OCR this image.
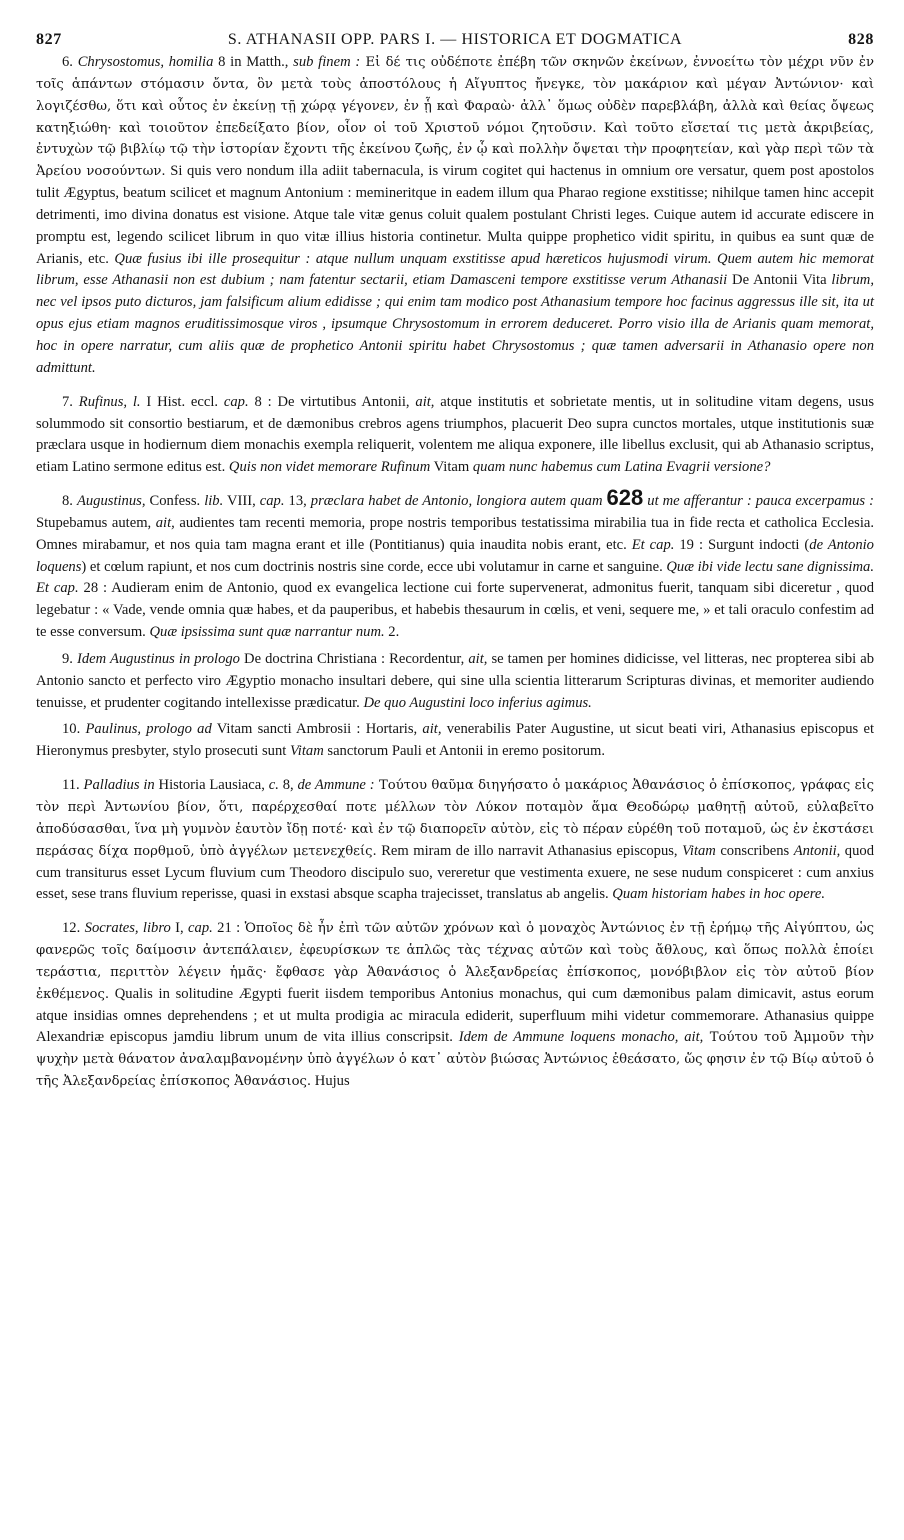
827	S. ATHANASII OPP. PARS I. — HISTORICA ET DOGMATICA	828

6. Chrysostomus, homilia 8 in Matth., sub finem : Εἰ δέ τις οὐδέποτε ἐπέβη τῶν σκηνῶν ἐκείνων, ἐννοείτω τὸν μέχρι νῦν ἐν τοῖς ἁπάντων στόμασιν ὄντα, ὃν μετὰ τοὺς ἀποστόλους ἡ Αἴγυπτος ἤνεγκε, τὸν μακάριον καὶ μέγαν Ἀντώνιον· καὶ λογιζέσθω, ὅτι καὶ οὗτος ἐν ἐκείνῃ τῇ χώρᾳ γέγονεν, ἐν ᾗ καὶ Φαραὼ· ἀλλ᾽ ὅμως οὐδὲν παρεβλάβη, ἀλλὰ καὶ θείας ὄψεως κατηξιώθη· καὶ τοιοῦτον ἐπεδείξατο βίον, οἷον οἱ τοῦ Χριστοῦ νόμοι ζητοῦσιν. Καὶ τοῦτο εἴσεταί τις μετὰ ἀκριβείας, ἐντυχὼν τῷ βιβλίῳ τῷ τὴν ἱστορίαν ἔχοντι τῆς ἐκείνου ζωῆς, ἐν ᾧ καὶ πολλὴν ὄψεται τὴν προφητείαν, καὶ γὰρ περὶ τῶν τὰ Ἀρείου νοσούντων. Si quis vero nondum illa adiit tabernacula, is virum cogitet qui hactenus in omnium ore versatur, quem post apostolos tulit Ægyptus, beatum scilicet et magnum Antonium : memineritque in eadem illum qua Pharao regione exstitisse; nihilque tamen hinc accepit detrimenti, imo divina donatus est visione. Atque tale vitæ genus coluit qualem postulant Christi leges. Cuique autem id accurate ediscere in promptu est, legendo scilicet librum in quo vitæ illius historia continetur. Multa quippe prophetico vidit spiritu, in quibus ea sunt quæ de Arianis, etc. Quæ fusius ibi ille prosequitur : atque nullum unquam exstitisse apud hæreticos hujusmodi virum. Quem autem hic memorat librum, esse Athanasii non est dubium ; nam fatentur sectarii, etiam Damasceni tempore exstitisse verum Athanasii De Antonii Vita librum, nec vel ipsos puto dicturos, jam falsificum alium edidisse ; qui enim tam modico post Athanasium tempore hoc facinus aggressus ille sit, ita ut opus ejus etiam magnos eruditissimosque viros , ipsumque Chrysostomum in errorem deduceret. Porro visio illa de Arianis quam memorat, hoc in opere narratur, cum aliis quæ de prophetico Antonii spiritu habet Chrysostomus ; quæ tamen adversarii in Athanasio opere non admittunt.

7. Rufinus, l. I Hist. eccl. cap. 8 : De virtutibus Antonii, ait, atque institutis et sobrietate mentis, ut in solitudine vitam degens, usus solummodo sit consortio bestiarum, et de dæmonibus crebros agens triumphos, placuerit Deo supra cunctos mortales, utque institutionis suæ præclara usque in hodiernum diem monachis exempla reliquerit, volentem me aliqua exponere, ille libellus exclusit, qui ab Athanasio scriptus, etiam Latino sermone editus est. Quis non videt memorare Rufinum Vitam quam nunc habemus cum Latina Evagrii versione?

8. Augustinus, Confess. lib. VIII, cap. 13, præclara habet de Antonio, longiora autem quam 628 ut me afferantur : pauca excerpamus : Stupebamus autem, ait, audientes tam recenti memoria, prope nostris temporibus testatissima mirabilia tua in fide recta et catholica Ecclesia. Omnes mirabamur, et nos quia tam magna erant et ille (Pontitianus) quia inaudita nobis erant, etc. Et cap. 19 : Surgunt indocti (de Antonio loquens) et cœlum rapiunt, et nos cum doctrinis nostris sine corde, ecce ubi volutamur in carne et sanguine. Quæ ibi vide lectu sane dignissima. Et cap. 28 : Audieram enim de Antonio, quod ex evangelica lectione cui forte supervenerat, admonitus fuerit, tanquam sibi diceretur , quod legebatur : « Vade, vende omnia quæ habes, et da pauperibus, et habebis thesaurum in cœlis, et veni, sequere me, » et tali oraculo confestim ad te esse conversum. Quæ ipsissima sunt quæ narrantur num. 2.

9. Idem Augustinus in prologo De doctrina Christiana : Recordentur, ait, se tamen per homines didicisse, vel litteras, nec propterea sibi ab Antonio sancto et perfecto viro Ægyptio monacho insultari debere, qui sine ulla scientia litterarum Scripturas divinas, et memoriter audiendo tenuisse, et prudenter cogitando intellexisse prædicatur. De quo Augustini loco inferius agimus.

10. Paulinus, prologo ad Vitam sancti Ambrosii : Hortaris, ait, venerabilis Pater Augustine, ut sicut beati viri, Athanasius episcopus et Hieronymus presbyter, stylo prosecuti sunt Vitam sanctorum Pauli et Antonii in eremo positorum.

11. Palladius in Historia Lausiaca, c. 8, de Ammune : Τούτου θαῦμα διηγήσατο ὁ μακάριος Ἀθανάσιος ὁ ἐπίσκοπος, γράφας εἰς τὸν περὶ Ἀντωνίου βίον, ὅτι, παρέρχεσθαί ποτε μέλλων τὸν Λύκον ποταμὸν ἅμα Θεοδώρῳ μαθητῇ αὐτοῦ, εὐλαβεῖτο ἀποδύσασθαι, ἵνα μὴ γυμνὸν ἑαυτὸν ἴδῃ ποτέ· καὶ ἐν τῷ διαπορεῖν αὐτὸν, εἰς τὸ πέραν εὑρέθη τοῦ ποταμοῦ, ὡς ἐν ἐκστάσει περάσας δίχα πορθμοῦ, ὑπὸ ἀγγέλων μετενεχθείς. Rem miram de illo narravit Athanasius episcopus, Vitam conscribens Antonii, quod cum transiturus esset Lycum fluvium cum Theodoro discipulo suo, vereretur que vestimenta exuere, ne sese nudum conspiceret : cum anxius esset, sese trans fluvium reperisse, quasi in exstasi absque scapha trajecisset, translatus ab angelis. Quam historiam habes in hoc opere.

12. Socrates, libro I, cap. 21 : Ὁποῖος δὲ ἦν ἐπὶ τῶν αὐτῶν χρόνων καὶ ὁ μοναχὸς Ἀντώνιος ἐν τῇ ἐρήμῳ τῆς Αἰγύπτου, ὡς φανερῶς τοῖς δαίμοσιν ἀντεπάλαιεν, ἐφευρίσκων τε ἁπλῶς τὰς τέχνας αὐτῶν καὶ τοὺς ἄθλους, καὶ ὅπως πολλὰ ἐποίει τεράστια, περιττὸν λέγειν ἡμᾶς· ἔφθασε γὰρ Ἀθανάσιος ὁ Ἀλεξανδρείας ἐπίσκοπος, μονόβιβλον εἰς τὸν αὐτοῦ βίον ἐκθέμενος. Qualis in solitudine Ægypti fuerit iisdem temporibus Antonius monachus, qui cum dæmonibus palam dimicavit, astus eorum atque insidias omnes deprehendens ; et ut multa prodigia ac miracula ediderit, superfluum mihi videtur commemorare. Athanasius quippe Alexandriæ episcopus jamdiu librum unum de vita illius conscripsit. Idem de Ammune loquens monacho, ait, Τούτου τοῦ Ἀμμοῦν τὴν ψυχὴν μετὰ θάνατον ἀναλαμβανομένην ὑπὸ ἀγγέλων ὁ κατ᾽ αὐτὸν βιώσας Ἀντώνιος ἐθεάσατο, ὥς φησιν ἐν τῷ Βίῳ αὐτοῦ ὁ τῆς Ἀλεξανδρείας ἐπίσκοπος Ἀθανάσιος. Hujus
